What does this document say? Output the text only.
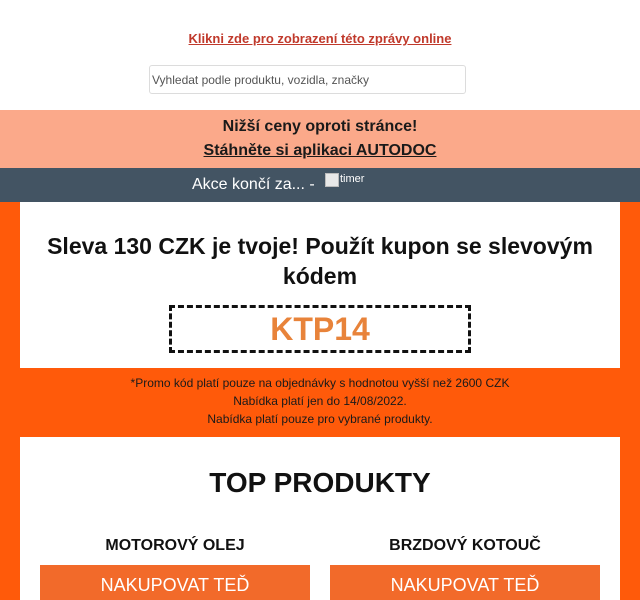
Klikni zde pro zobrazení této zprávy online
Vyhledat podle produktu, vozidla, značky
Nižší ceny oproti stránce!
Stáhněte si aplikaci AUTODOC
Akce končí za... - timer
Sleva 130 CZK je tvoje! Použít kupon se slevovým kódem
KTP14
*Promo kód platí pouze na objednávky s hodnotou vyšší než 2600 CZK
Nabídka platí jen do 14/08/2022.
Nabídka platí pouze pro vybrané produkty.
TOP PRODUKTY
MOTOROVÝ OLEJ	BRZDOVÝ KOTOUČ
NAKUPOVAT TEĎ	NAKUPOVAT TEĎ
